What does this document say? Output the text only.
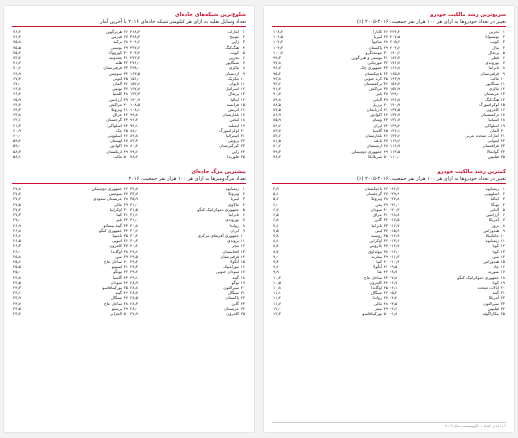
شلوغ‌ترین شبکه‌های جاده‌ای
تعداد وسایل نقلیه به ازای هر کیلومتر شبکه جاده‌ای ۲۰۱۶ یا آخرین آمار
۱
امارات
۴۶۸٫۴
۲
مونیخ
۳۶۸٫۳
۳
ژاپن
۲۰۴٫۶
۴
هنگ‌کنگ
۳۴۷٫۶
۵
کویت
۳۰۳٫۲
۶
بحرین
۲۷۲٫۴
۷
سنگاپور
۲۷۶٫۰
۸
مالزی
۲۳۸٫۰
۹
اردستان
۱۶۳٫۵
۱۰
مکزیک
۱۵۶٫۰
۱۱
تایوان
۱۵۲٫۶
۱۲
اسرائیل
۱۴۷٫۸
۱۳
پرتغال
۱۳۲٫۳
۱۴
ایتالیا
۱۳۰٫۹
۱۵
فرانسه
۱۰۸٫۵
۱۶
اتریش
۱۰۸٫۱
۱۷
بلغارستان
۹۹٫۸
۱۸
لیختن
۹۶٫۴
۱۹
ایسلند
۹۴٫۱
۲۰
لوکزامبورگ
۸۸٫۰
۲۱
استرالیا
۸۲٫۸
۲۲
برونئی
۸۲٫۳
۲۳
کیرگیزستان
۸۰٫۴
۲۴
ژاپن
۷۹٫۶
۲۵
فلوریدا
۷۸٫۲
۲۶
هرتزگوین
۷۶٫۲
۲۷
قبرس
۷۶٫۲
۲۸
ترکیه
۷۵٫۸
۲۹
بوسنی
۷۵٫۵
۳۰
کوزووک
۷۵٫۲
۳۱
مقدونیه
۷۳٫۴
۳۲
هلند
۷۱٫۲
۳۳
قرقیزستان
۷۰٫۶
۳۴
سوئیس
۶۹٫۹
۳۵
لتونی
۶۷٫۳
۳۶
آلمان
۶۷٫۰
۳۷
تونس
۶۶٫۸
۳۸
کلمبیا
۶۶٫۴
۳۹
آرژانتین
۶۵٫۹
۴۰
مراکش
۶۴٫۷
۴۱
ونزوئلا
۶۴٫۳
۴۲
عراق
۶۳٫۸
۴۳
گرجستان
۶۲٫۱
۴۴
اسلواکی
۶۱٫۳
۴۵
چک
۶۰٫۹
۴۶
اسلوونی
۶۰٫۰
۴۷
لهستان
۵۹٫۴
۴۸
اکوادور
۵۹٫۰
۴۹
ازبکستان
۵۸٫۳
۵۰
مالت
۵۸٫۱
بیشترین مرگ جاده‌ای
تعداد مرگ‌ومیرها به ازای هر ۱۰۰ هزار نفر جمعیت، ۲۰۱۶
۱
زیمبابوه
۳۴٫۷
۲
ونزوئلا
۳۳٫۷
۳
لیبریا
۳۵٫۹
۴
مالاوی
۳۱٫۰
۵
جمهوری دموکراتیک کنگو
۳۱٫۵
۶
تانزانیا
۳۱٫۱
۷
بوروندی
۳۱٫۰
۸
رواندا
۳۰٫۸
۹
ایران
۳۰٫۶
۱۰
جمهوری آفریقای مرکزی
۳۰٫۴
۱۱
بروندی
۳۰٫۳
۱۲
نیجر
۳۰٫۲
۱۳
افغانستان
۲۹٫۶
۱۴
قرقیزستان
۲۹٫۵
۱۵
آنگولا
۲۹٫۴
۱۶
موزامبیک
۲۹٫۳
۱۷
سودان جنوبی
۲۹٫۲
۱۸
گینه
۲۹٫۱
۱۹
توگو
۲۸٫۹
۲۰
سیرالئون
۲۸٫۸
۲۱
سنگال
۲۸٫۷
۲۲
پاکستان
۲۸٫۵
۲۳
گابن
۲۸٫۳
۲۴
عربستان
۲۸٫۰
۲۵
کامرون
۲۷٫۹
۲۶
جمهوری دومینیکن
۲۷٫۸
۲۷
سوئیس
۲۷٫۷
۲۸
عربستان سعودی
۲۷٫۶
۲۹
مالی
۲۷٫۵
۳۰
اوکراینا
۲۷٫۴
۳۱
کنیا
۲۷٫۳
۳۲
بلیز
۲۷٫۰
۳۳
گینه بیسائو
۲۶٫۹
۳۴
جمهوری کنگو
۲۶٫۸
۳۵
نامیبیا
۲۶٫۶
۳۶
اتیوپی
۲۶٫۵
۳۷
کامرون
۲۶٫۳
۳۸
اوگاندا
۲۶٫۰
۳۹
بنین
۲۵٫۸
۴۰
ساحل عاج
۲۵٫۶
۴۱
لسوتو
۲۵٫۵
۴۲
تونگو
۲۵٫۰
۴۳
گامبیا
۲۴٫۸
۴۴
سودان
۲۴٫۵
۴۵
بورکینافاسو
۲۴٫۳
۴۶
گینه
۲۴٫۱
۴۷
سنگال
۲۳٫۹
۴۸
ساحل عاج
۲۳٫۷
۴۹
پرستو
۲۳٫۵
۵۰
الجزایر
۲۳٫۴
سریع‌ترین رشد مالکیت خودرو
تغییر در تعداد خودروها به ازای هر ۱۰۰ هزار نفر جمعیت، ۲۰۱۶-۲۰۰۵ (٪)
۱
بحرین
۲۲۴٫۲
۲
بوتسوانا
۲۰۷٫۵
۳
کویت
۲۰۵٫۶
۴
نپال
۲۰۲٫۶
۵
پرتغال
۱۹۰٫۶
۶
قطر
۱۸۴٫۷
۷
بوروندی
۱۷۶٫۷
۸
تانزانیا
۱۶۶٫۸
۹
قرقیزستان
۱۶۵٫۷
۱۰
مالت
۱۶۳٫۹
۱۱
سنگاپور
۱۵۶٫۴
۱۲
مالزی
۱۵۲٫۹
۱۳
عربستان
۱۴۹٫۰
۱۴
هنگ‌کنگ
۱۴۶٫۸
۱۵
لوکزامبورگ
۱۴۰٫۹
۱۶
کامرون
۱۳۷٫۵
۱۷
ترکمنستان
۱۳۴٫۹
۱۸
اسپانیا
۱۳۱٫۷
۱۹
اسلواکی
۱۲۹٫۲
۲۰
آلمان
۱۲۶٫۱
۲۱
امارات متحده عربی
۱۲۳٫۶
۲۲
لیتوانی
۱۱۹٫۶
۲۳
قزاقستان
۱۱۶٫۹
۲۴
گواتمالا
۱۱۳٫۵
۲۵
فیلیپین
۱۱۰٫۰
۲۶
کاتارا
۱۰۸٫۴
۲۷
لیبریا
۱۰۶٫۵
۲۸
ساموآ
۱۰۴٫۲
۲۹
پاکستان
۱۰۲٫۳
۳۰
مونته‌نگرو
۱۰۰٫۷
۳۱
بوسنی و هرزگوین
۹۹٫۳
۳۲
موریتانی
۹۷٫۸
۳۳
جمهوری چک
۹۶٫۷
۳۴
تاجیکستان
۹۵٫۴
۳۵
کره جنوبی
۹۳٫۸
۳۶
ترکمنستان
۹۲٫۶
۳۷
مراکش
۹۱٫۲
۳۸
بلیز
۹۰٫۷
۳۹
آلبانی
۸۹٫۸
۴۰
برزیل
۸۸٫۵
۴۱
آذربایجان
۸۷٫۵
۴۲
اکوادور
۸۶٫۹
۴۳
ویتنام
۸۵٫۹
۴۴
ایران
۸۴٫۶
۴۵
گامبیا
۸۳٫۷
۴۶
بلغارستان
۸۲٫۶
۴۷
تایلند
۸۱٫۵
۴۸
ارمنستان
۸۰٫۶
۴۹
جمهوری دومینیکن
۷۹٫۳
۵۰
سریلانکا
۷۸٫۲
کمترین رشد مالکیت خودرو
تغییر در تعداد خودروها به ازای هر ۱۰۰ هزار نفر جمعیت، ۲۰۱۶-۲۰۰۵ (٪)
۱
زیمبابوه
-۴۶٫۲
۲
اسلوونی
-۲۹٫۶
۳
ایتالیا
-۲۷٫۸
۴
تونگا
-۲۱٫۰
۵
آلبانی
-۲۰٫۳
۶
آرژانتین
-۱۸٫۸
۷
آمریکا
-۱۷٫۵
۸
نروژ
-۱۶٫۷
۹
هندوراس
-۱۵٫۴
۱۰
جامائیکا
-۱۴٫۹
۱۱
زیمبابوه
-۱۳٫۶
۱۲
کوبا
-۱۲٫۷
۱۳
کوبا
-۱۲٫۰
۱۴
بنین
-۱۱٫۳
۱۵
هندوراس
-۱۰٫۴
۱۶
چاد
-۹٫۵
۱۷
سوریه
-۸٫۷
۱۸
جمهوری دموکراتیک کنگو
-۷٫۸
۱۹
کوبا
-۶٫۹
۲۰
ایالات متحده
-۶٫۱
۲۱
گینه
-۵٫۲
۲۲
آمریکا
-۴٫۴
۲۳
سیرالئون
-۳٫۵
۲۴
فیلیپین
-۲٫۶
۲۵
نیکاراگوئه
-۱٫۸
۲۶
تاجیکستان
۲٫۹
۲۷
گرجستان
۵٫۱
۲۸
ونزوئلا
۵٫۶
۲۹
یمن
۶٫۰
۳۰
سودان
۶٫۲
۳۱
عراق
۶٫۵
۳۲
گابن
۶٫۸
۳۳
تانزانیا
۷٫۱
۳۴
لیبی
۷٫۵
۳۵
روسیه
۷٫۸
۳۶
اوکراین
۸٫۱
۳۷
بلاروس
۸٫۴
۳۸
مولداوی
۸٫۷
۳۹
نیجریه
۹٫۰
۴۰
کنیا
۹٫۳
۴۱
آنگولا
۹٫۶
۴۲
غنا
۹٫۹
۴۳
ساحل عاج
۱۰٫۲
۴۴
کامرون
۱۰٫۵
۴۵
اوگاندا
۱۰٫۸
۴۶
سنگال
۱۱٫۱
۴۷
رواندا
۱۱٫۴
۴۸
مالی
۱۱٫۷
۴۹
نیجر
۱۲٫۰
۵۰
بورکینافاسو
۱۲٫۳
۶ | دنیا در اعداد — اکونومیست، سال ۲۰۱۹
